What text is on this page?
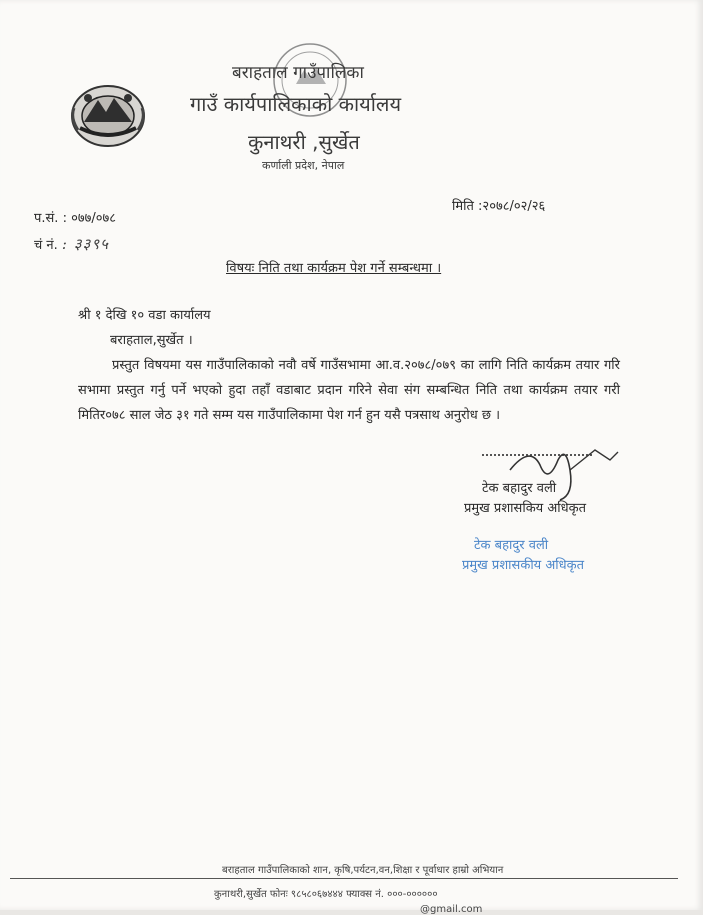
बराहताल गाउँपालिका
गाउँ कार्यपालिकाको कार्यालय
कुनाथरी ,सुर्खेत
कर्णाली प्रदेश, नेपाल
मिति :२०७८/०२/२६
प.सं. : ०७७/०७८
चं नं. : ३३९५
विषयः निति तथा कार्यक्रम पेश गर्ने सम्बन्धमा ।
श्री १ देखि १० वडा कार्यालय
बराहताल,सुर्खेत ।
प्रस्तुत विषयमा यस गाउँपालिकाको नवौ वर्षे गाउँसभामा आ.व.२०७८/०७९ का लागि निति कार्यक्रम तयार गरि सभामा प्रस्तुत गर्नु पर्ने भएको हुदा तहाँ वडाबाट प्रदान गरिने सेवा संग सम्बन्धित निति तथा कार्यक्रम तयार गरी मितिर०७८ साल जेठ ३१ गते सम्म यस गाउँपालिकामा पेश गर्न हुन यसै पत्रसाथ अनुरोध छ ।
टेक बहादुर वली
प्रमुख प्रशासकिय अधिकृत
टेक बहादुर वली
प्रमुख प्रशासकीय अधिकृत
बराहताल गाउँपालिकाको शान, कृषि,पर्यटन,वन,शिक्षा र पूर्वाधार हाम्रो अभियान
कुनाथरी,सुर्खेत फोनः ९८५८०६७४४४ फ्याक्स नं. ०००-००००००
@gmail.com
